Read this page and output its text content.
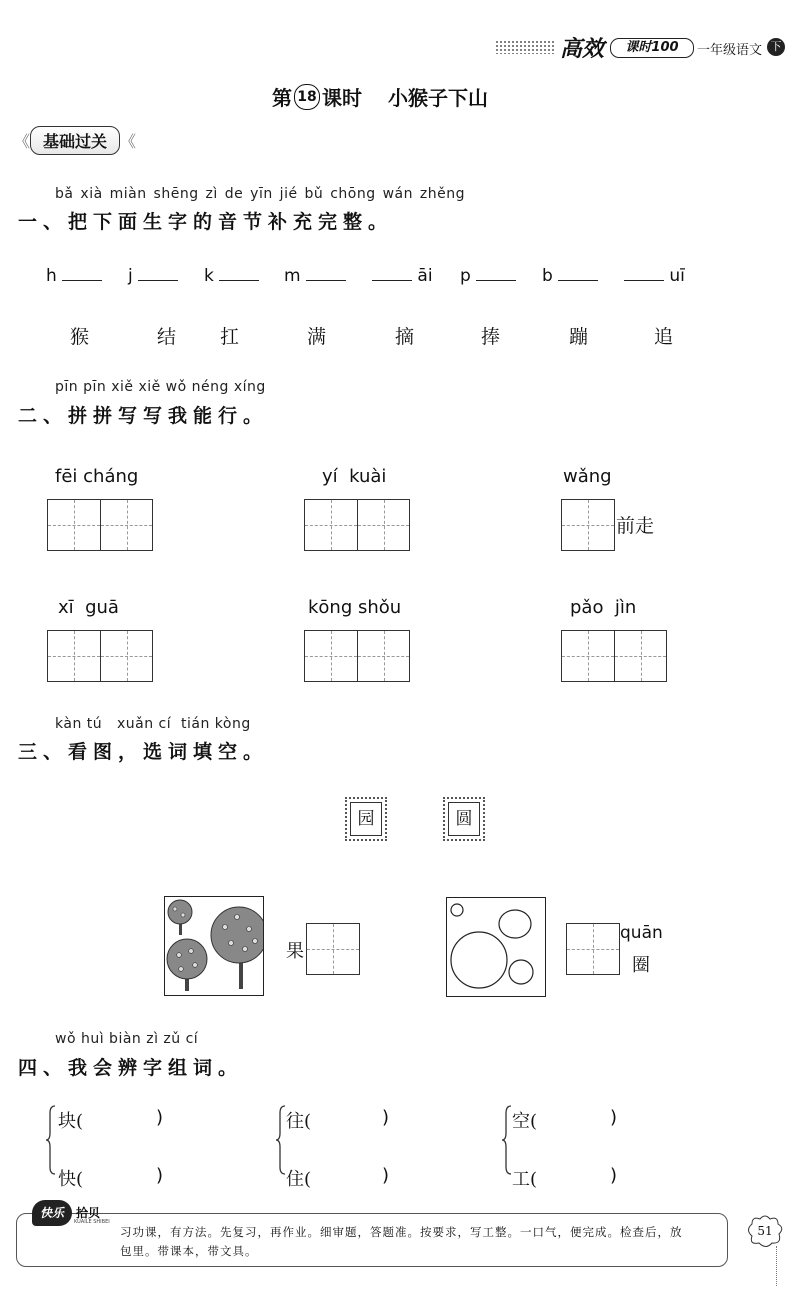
高效	课时100	一年级语文 下
第 18 课时 小猴子下山
《 基础过关 《
bǎ xià miàn shēng zì de yīn jié bǔ chōng wán zhěng
一、把下面生字的音节补充完整。
h	j	k	m	āi p	b	uī
猴	结 扛	满	摘	捧	蹦	追
pīn pīn xiě xiě wǒ néng xíng
二、拼拼写写我能行。
fēi cháng	yí  kuài	wǎng
前走
xī  guā	kōng shǒu	pǎo  jìn
kàn tú   xuǎn cí  tián kòng
三、看图，选词填空。
园	圆
果
quān
圈
wǒ huì biàn zì zǔ cí
四、我会辨字组词。
块(	)
快(	)
往(	)
住(	)
空(	)
工(	)
快乐	拾贝
KUAILE SHIBEI
习功课，有方法。先复习，再作业。细审题，答题准。按要求，写工整。一口气，便完成。检查后，放包里。带课本，带文具。
51
